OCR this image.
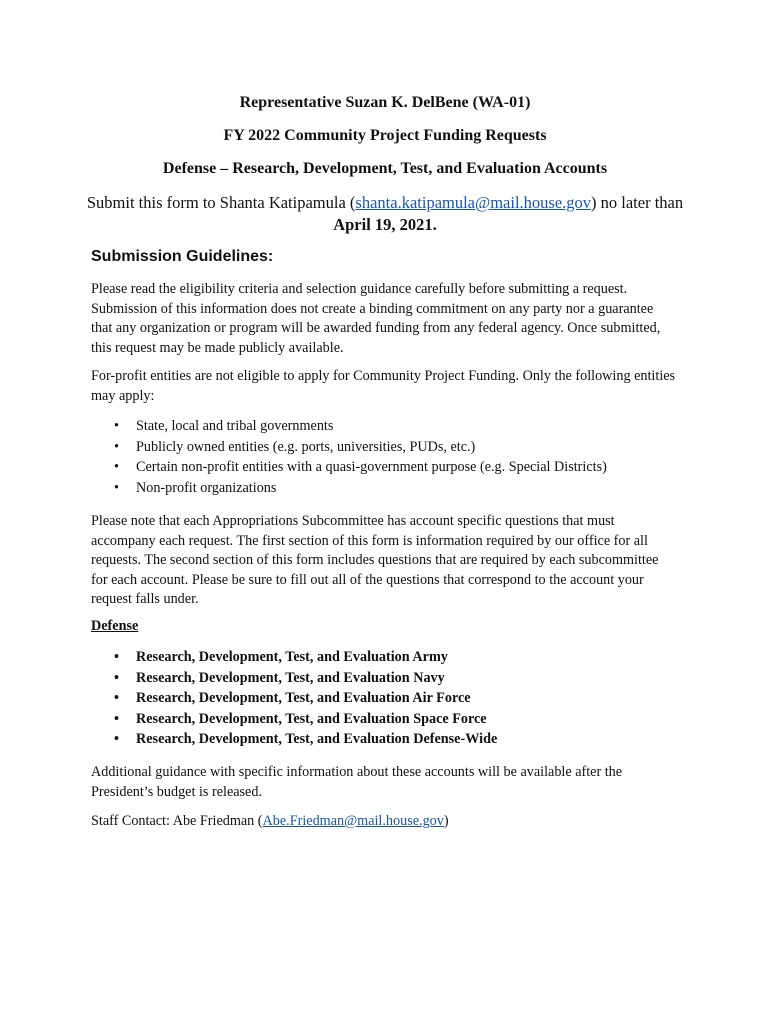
Representative Suzan K. DelBene (WA-01)
FY 2022 Community Project Funding Requests
Defense – Research, Development, Test, and Evaluation Accounts
Submit this form to Shanta Katipamula (shanta.katipamula@mail.house.gov) no later than April 19, 2021.
Submission Guidelines:
Please read the eligibility criteria and selection guidance carefully before submitting a request. Submission of this information does not create a binding commitment on any party nor a guarantee that any organization or program will be awarded funding from any federal agency. Once submitted, this request may be made publicly available.
For-profit entities are not eligible to apply for Community Project Funding. Only the following entities may apply:
• State, local and tribal governments
• Publicly owned entities (e.g. ports, universities, PUDs, etc.)
• Certain non-profit entities with a quasi-government purpose (e.g. Special Districts)
• Non-profit organizations
Please note that each Appropriations Subcommittee has account specific questions that must accompany each request. The first section of this form is information required by our office for all requests. The second section of this form includes questions that are required by each subcommittee for each account. Please be sure to fill out all of the questions that correspond to the account your request falls under.
Defense
• Research, Development, Test, and Evaluation Army
• Research, Development, Test, and Evaluation Navy
• Research, Development, Test, and Evaluation Air Force
• Research, Development, Test, and Evaluation Space Force
• Research, Development, Test, and Evaluation Defense-Wide
Additional guidance with specific information about these accounts will be available after the President’s budget is released.
Staff Contact: Abe Friedman (Abe.Friedman@mail.house.gov)
